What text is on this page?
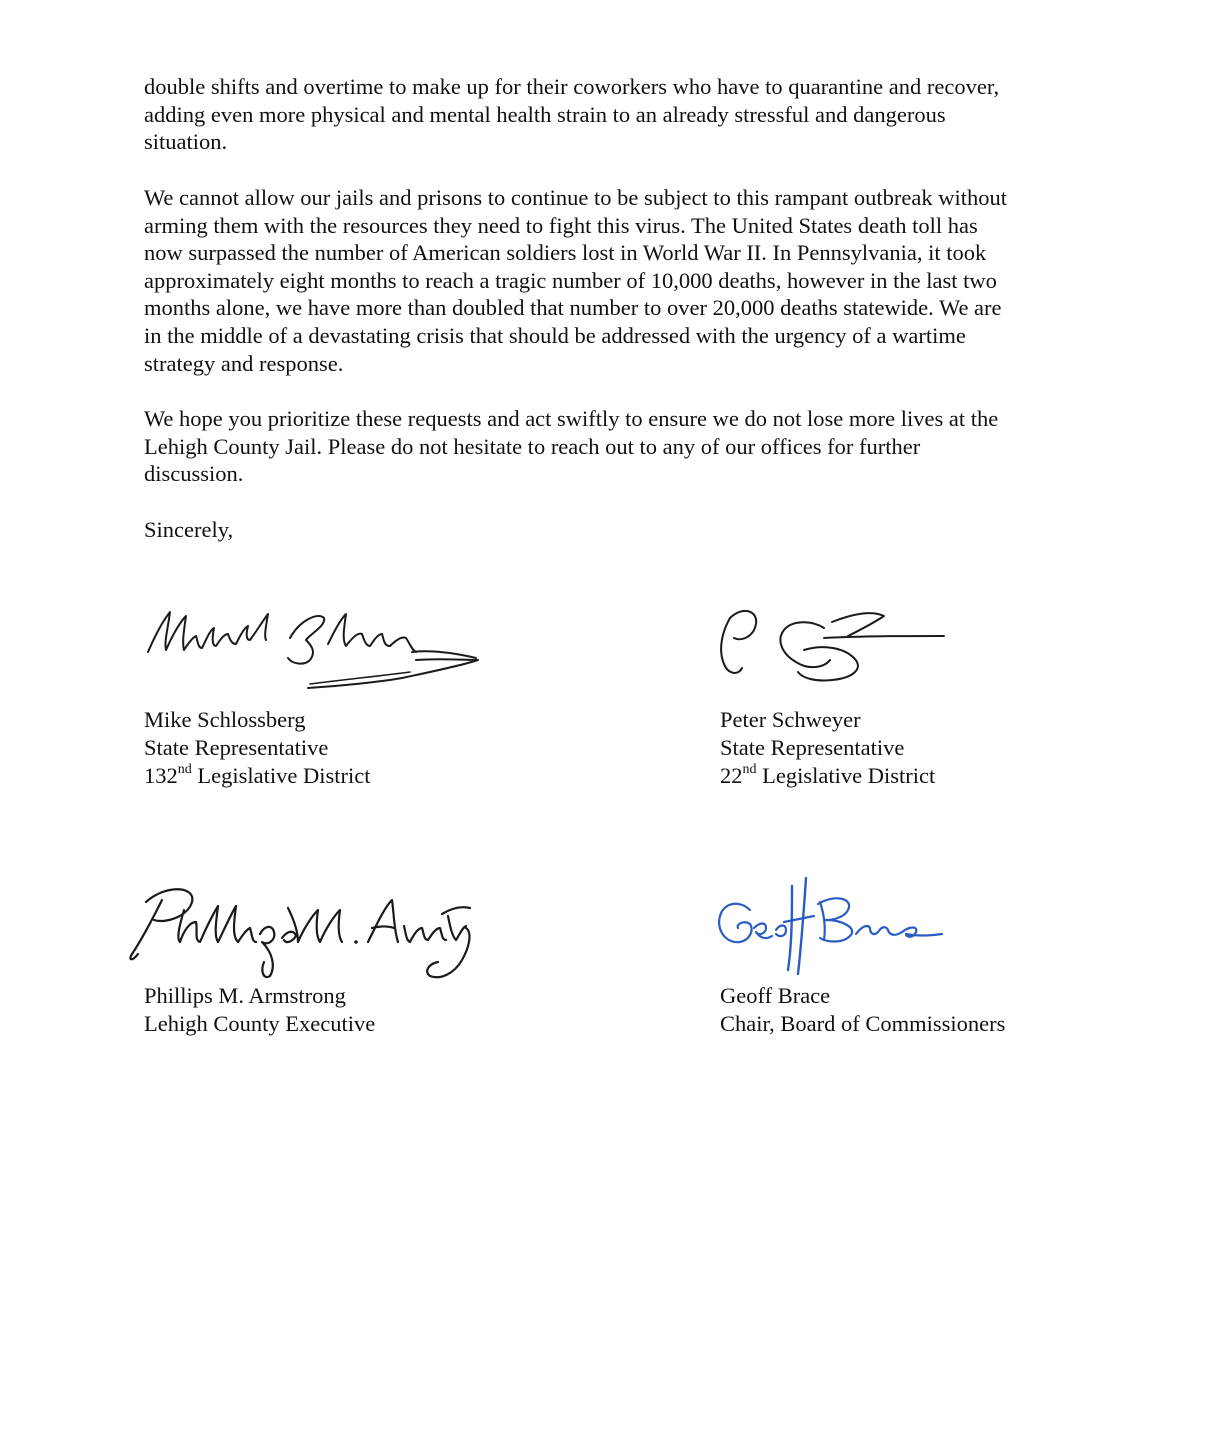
double shifts and overtime to make up for their coworkers who have to quarantine and recover,
adding even more physical and mental health strain to an already stressful and dangerous
situation.

We cannot allow our jails and prisons to continue to be subject to this rampant outbreak without
arming them with the resources they need to fight this virus. The United States death toll has
now surpassed the number of American soldiers lost in World War II. In Pennsylvania, it took
approximately eight months to reach a tragic number of 10,000 deaths, however in the last two
months alone, we have more than doubled that number to over 20,000 deaths statewide. We are
in the middle of a devastating crisis that should be addressed with the urgency of a wartime
strategy and response.

We hope you prioritize these requests and act swiftly to ensure we do not lose more lives at the
Lehigh County Jail. Please do not hesitate to reach out to any of our offices for further
discussion.

Sincerely,
Mike Schlossberg
State Representative
132nd Legislative District
Peter Schweyer
State Representative
22nd Legislative District
Phillips M. Armstrong
Lehigh County Executive
Geoff Brace
Chair, Board of Commissioners
